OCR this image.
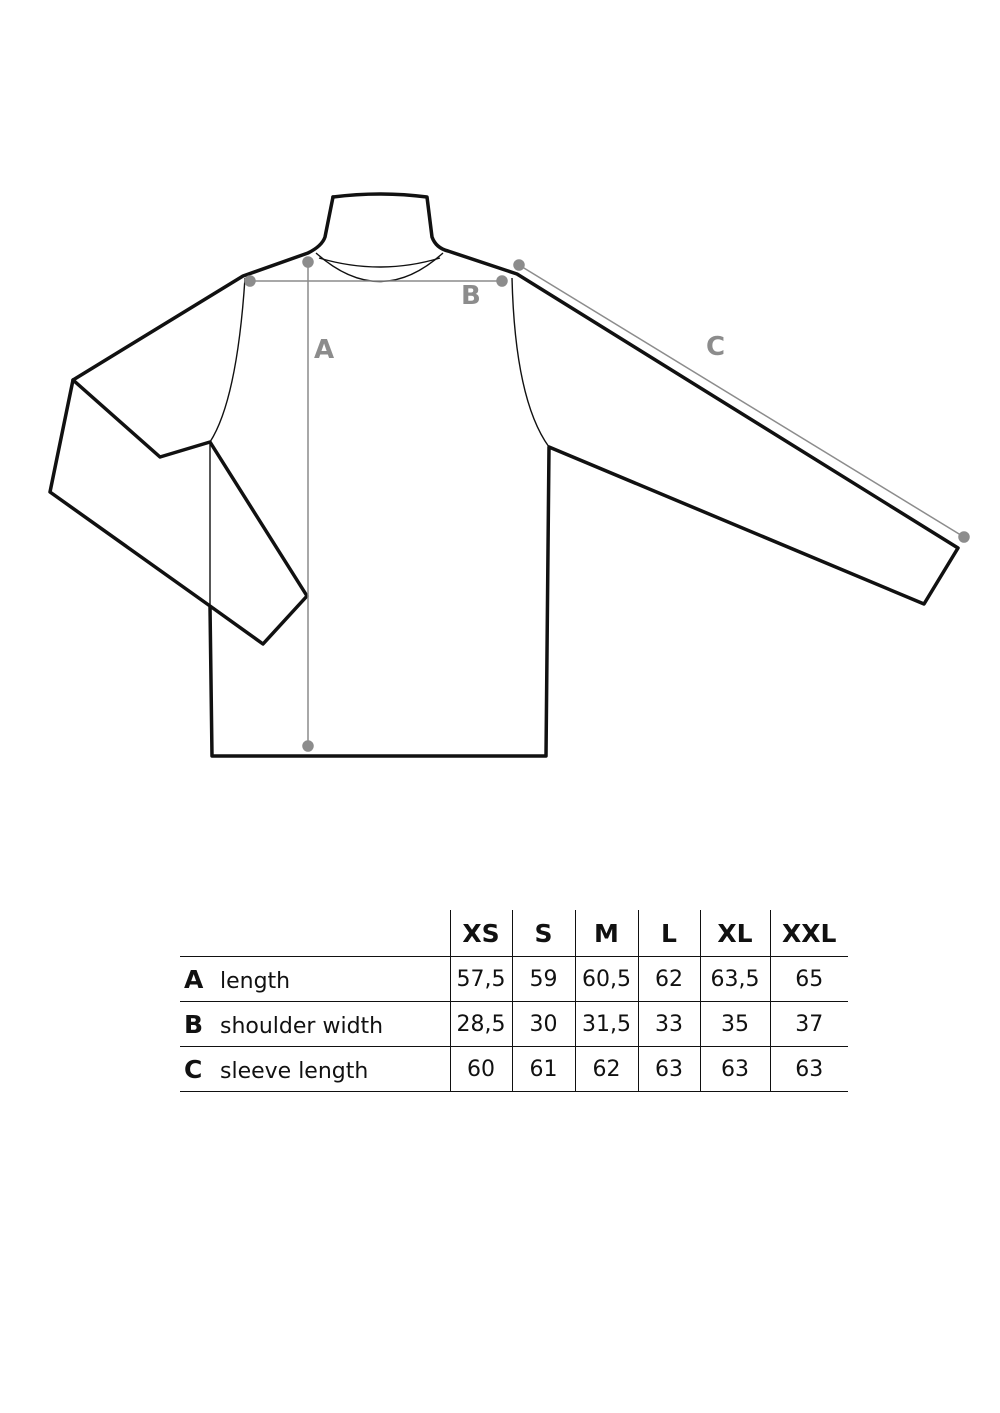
A
B
C
	XS	S	M	L	XL	XXL
A length	57,5	59	60,5	62	63,5	65
B shoulder width	28,5	30	31,5	33	35	37
C sleeve length	60	61	62	63	63	63
